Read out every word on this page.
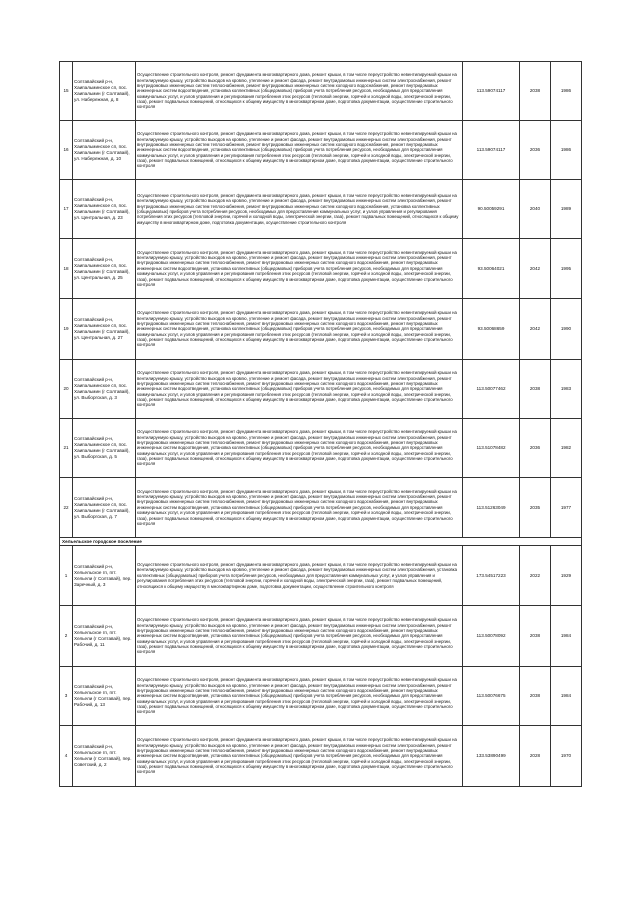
15	Солтавайский р-н, Хаипальминское сп, пос. Хаипальмин (г Солтавай), ул. Набережная, д. 8	Осуществление строительного контроля, ремонт фундамента многоквартирного дома, ремонт крыши, в том числе переустройство невентилируемой крыши на вентилируемую крышу, устройство выходов на кровлю, утепление и ремонт фасада, ремонт внутридомовых инженерных систем электроснабжения, ремонт внутридомовых инженерных систем теплоснабжения, ремонт внутридомовых инженерных систем холодного водоснабжения, ремонт внутридомовых инженерных систем водоотведения, установка коллективных (общедомовых) приборов учета потребления ресурсов, необходимых для предоставления коммунальных услуг, и узлов управления и регулирования потребления этих ресурсов (тепловой энергии, горячей и холодной воды, электрической энергии, газа), ремонт подвальных помещений, относящихся к общему имуществу в многоквартирном доме, подготовка документации, осуществление строительного контроля	113.59074117	2038	1986
16	Солтавайский р-н, Хаипальминское сп, пос. Хаипальмин (г Солтавай), ул. Набережная, д. 10	Осуществление строительного контроля, ремонт фундамента многоквартирного дома, ремонт крыши, в том числе переустройство невентилируемой крыши на вентилируемую крышу, устройство выходов на кровлю, утепление и ремонт фасада, ремонт внутридомовых инженерных систем электроснабжения, ремонт внутридомовых инженерных систем теплоснабжения, ремонт внутридомовых инженерных систем холодного водоснабжения, ремонт внутридомовых инженерных систем водоотведения, установка коллективных (общедомовых) приборов учета потребления ресурсов, необходимых для предоставления коммунальных услуг, и узлов управления и регулирования потребления этих ресурсов (тепловой энергии, горячей и холодной воды, электрической энергии, газа), ремонт подвальных помещений, относящихся к общему имуществу в многоквартирном доме, подготовка документации, осуществление строительного контроля	113.59074117	2036	1986
17	Солтавайский р-н, Хаипальминское сп, пос. Хаипальмин (г Солтавай), ул. Центральная, д. 23	Осуществление строительного контроля, ремонт фундамента многоквартирного дома, ремонт крыши, в том числе переустройство невентилируемой крыши на вентилируемую крышу, устройство выходов на кровлю, утепление и ремонт фасада, ремонт внутридомовых инженерных систем электроснабжения, ремонт внутридомовых инженерных систем теплоснабжения, ремонт внутридомовых инженерных систем холодного водоснабжения, установка коллективных (общедомовых) приборов учета потребления ресурсов, необходимых для предоставления коммунальных услуг, и узлов управления и регулирования потребления этих ресурсов (тепловой энергии, горячей и холодной воды, электрической энергии, газа), ремонт подвальных помещений, относящихся к общему имуществу в многоквартирном доме, подготовка документации, осуществление строительного контроля	90.50059291	2040	1989
18	Солтавайский р-н, Хаипальминское сп, пос. Хаипальмин (г Солтавай), ул. Центральная, д. 25	Осуществление строительного контроля, ремонт фундамента многоквартирного дома, ремонт крыши, в том числе переустройство невентилируемой крыши на вентилируемую крышу, устройство выходов на кровлю, утепление и ремонт фасада, ремонт внутридомовых инженерных систем электроснабжения, ремонт внутридомовых инженерных систем теплоснабжения, ремонт внутридомовых инженерных систем холодного водоснабжения, ремонт внутридомовых инженерных систем водоотведения, установка коллективных (общедомовых) приборов учета потребления ресурсов, необходимых для предоставления коммунальных услуг, и узлов управления и регулирования потребления этих ресурсов (тепловой энергии, горячей и холодной воды, электрической энергии, газа), ремонт подвальных помещений, относящихся к общему имуществу в многоквартирном доме, подготовка документации, осуществление строительного контроля	93.50064021	2042	1995
19	Солтавайский р-н, Хаипальминское сп, пос. Хаипальмин (г Солтавай), ул. Центральная, д. 27	Осуществление строительного контроля, ремонт фундамента многоквартирного дома, ремонт крыши, в том числе переустройство невентилируемой крыши на вентилируемую крышу, устройство выходов на кровлю, утепление и ремонт фасада, ремонт внутридомовых инженерных систем электроснабжения, ремонт внутридомовых инженерных систем теплоснабжения, ремонт внутридомовых инженерных систем холодного водоснабжения, ремонт внутридомовых инженерных систем водоотведения, установка коллективных (общедомовых) приборов учета потребления ресурсов, необходимых для предоставления коммунальных услуг, и узлов управления и регулирования потребления этих ресурсов (тепловой энергии, горячей и холодной воды, электрической энергии, газа), ремонт подвальных помещений, относящихся к общему имуществу в многоквартирном доме, подготовка документации, осуществление строительного контроля	93.50068659	2042	1990
20	Солтавайский р-н, Хаипальминское сп, пос. Хаипальмин (г Солтавай), ул. Выборгская, д. 3	Осуществление строительного контроля, ремонт фундамента многоквартирного дома, ремонт крыши, в том числе переустройство невентилируемой крыши на вентилируемую крышу, устройство выходов на кровлю, утепление и ремонт фасада, ремонт внутридомовых инженерных систем электроснабжения, ремонт внутридомовых инженерных систем теплоснабжения, ремонт внутридомовых инженерных систем холодного водоснабжения, ремонт внутридомовых инженерных систем водоотведения, установка коллективных (общедомовых) приборов учета потребления ресурсов, необходимых для предоставления коммунальных услуг, и узлов управления и регулирования потребления этих ресурсов (тепловой энергии, горячей и холодной воды, электрической энергии, газа), ремонт подвальных помещений, относящихся к общему имуществу в многоквартирном доме, подготовка документации, осуществление строительного контроля	113.50077462	2038	1983
21	Солтавайский р-н, Хаипальминское сп, пос. Хаипальмин (г Солтавай), ул. Выборгская, д. 5	Осуществление строительного контроля, ремонт фундамента многоквартирного дома, ремонт крыши, в том числе переустройство невентилируемой крыши на вентилируемую крышу, устройство выходов на кровлю, утепление и ремонт фасада, ремонт внутридомовых инженерных систем электроснабжения, ремонт внутридомовых инженерных систем теплоснабжения, ремонт внутридомовых инженерных систем холодного водоснабжения, ремонт внутридомовых инженерных систем водоотведения, установка коллективных (общедомовых) приборов учета потребления ресурсов, необходимых для предоставления коммунальных услуг, и узлов управления и регулирования потребления этих ресурсов (тепловой энергии, горячей и холодной воды, электрической энергии, газа), ремонт подвальных помещений, относящихся к общему имуществу в многоквартирном доме, подготовка документации, осуществление строительного контроля	113.51078482	2036	1982
22	Солтавайский р-н, Хаипальминское сп, пос. Хаипальмин (г Солтавай), ул. Выборгская, д. 7	Осуществление строительного контроля, ремонт фундамента многоквартирного дома, ремонт крыши, в том числе переустройство невентилируемой крыши на вентилируемую крышу, устройство выходов на кровлю, утепление и ремонт фасада, ремонт внутридомовых инженерных систем электроснабжения, ремонт внутридомовых инженерных систем теплоснабжения, ремонт внутридомовых инженерных систем холодного водоснабжения, ремонт внутридомовых инженерных систем водоотведения, установка коллективных (общедомовых) приборов учета потребления ресурсов, необходимых для предоставления коммунальных услуг, и узлов управления и регулирования потребления этих ресурсов (тепловой энергии, горячей и холодной воды, электрической энергии, газа), ремонт подвальных помещений, относящихся к общему имуществу в многоквартирном доме, подготовка документации, осуществление строительного контроля	113.51263049	2035	1977
Хельельское городское поселение					
1	Солтавайский р-н, Хельельское гп, пгт. Хельели (г Солтавай), пер. Заречный, д. 3	Осуществление строительного контроля, ремонт фундамента многоквартирного дома, ремонт крыши, в том числе переустройство невентилируемой крыши на вентилируемую крышу, устройство выходов на кровлю, утепление и ремонт фасада, ремонт внутридомовых инженерных систем электроснабжения, установка коллективных (общедомовых) приборов учета потребления ресурсов, необходимых для предоставления коммунальных услуг, и узлов управления и регулирования потребления этих ресурсов (тепловой энергии, горячей и холодной воды, электрической энергии, газа), ремонт подвальных помещений, относящихся к общему имуществу в многоквартирном доме, подготовка документации, осуществление строительного контроля	173.54517223	2022	1929
2	Солтавайский р-н, Хельельское гп, пгт. Хельели (г Солтавай), пер. Рабочий, д. 11	Осуществление строительного контроля, ремонт фундамента многоквартирного дома, ремонт крыши, в том числе переустройство невентилируемой крыши на вентилируемую крышу, устройство выходов на кровлю, утепление и ремонт фасада, ремонт внутридомовых инженерных систем электроснабжения, ремонт внутридомовых инженерных систем теплоснабжения, ремонт внутридомовых инженерных систем холодного водоснабжения, ремонт внутридомовых инженерных систем водоотведения, установка коллективных (общедомовых) приборов учета потребления ресурсов, необходимых для предоставления коммунальных услуг, и узлов управления и регулирования потребления этих ресурсов (тепловой энергии, горячей и холодной воды, электрической энергии, газа), ремонт подвальных помещений, относящихся к общему имуществу в многоквартирном доме, подготовка документации, осуществление строительного контроля	113.50078092	2038	1984
3	Солтавайский р-н, Хельельское гп, пгт. Хельели (г Солтавай), пер. Рабочий, д. 13	Осуществление строительного контроля, ремонт фундамента многоквартирного дома, ремонт крыши, в том числе переустройство невентилируемой крыши на вентилируемую крышу, устройство выходов на кровлю, утепление и ремонт фасада, ремонт внутридомовых инженерных систем электроснабжения, ремонт внутридомовых инженерных систем теплоснабжения, ремонт внутридомовых инженерных систем холодного водоснабжения, ремонт внутридомовых инженерных систем водоотведения, установка коллективных (общедомовых) приборов учета потребления ресурсов, необходимых для предоставления коммунальных услуг, и узлов управления и регулирования потребления этих ресурсов (тепловой энергии, горячей и холодной воды, электрической энергии, газа), ремонт подвальных помещений, относящихся к общему имуществу в многоквартирном доме, подготовка документации, осуществление строительного контроля	113.50076675	2038	1984
4	Солтавайский р-н, Хельельское гп, пгт. Хельели (г Солтавай), пер. Советский, д. 2	Осуществление строительного контроля, ремонт фундамента многоквартирного дома, ремонт крыши, в том числе переустройство невентилируемой крыши на вентилируемую крышу, устройство выходов на кровлю, утепление и ремонт фасада, ремонт внутридомовых инженерных систем электроснабжения, ремонт внутридомовых инженерных систем теплоснабжения, ремонт внутридомовых инженерных систем холодного водоснабжения, ремонт внутридомовых инженерных систем водоотведения, установка коллективных (общедомовых) приборов учета потребления ресурсов, необходимых для предоставления коммунальных услуг, и узлов управления и регулирования потребления этих ресурсов (тепловой энергии, горячей и холодной воды, электрической энергии, газа), ремонт подвальных помещений, относящихся к общему имуществу в многоквартирном доме, подготовка документации, осуществление строительного контроля	133.53890499	2028	1970
